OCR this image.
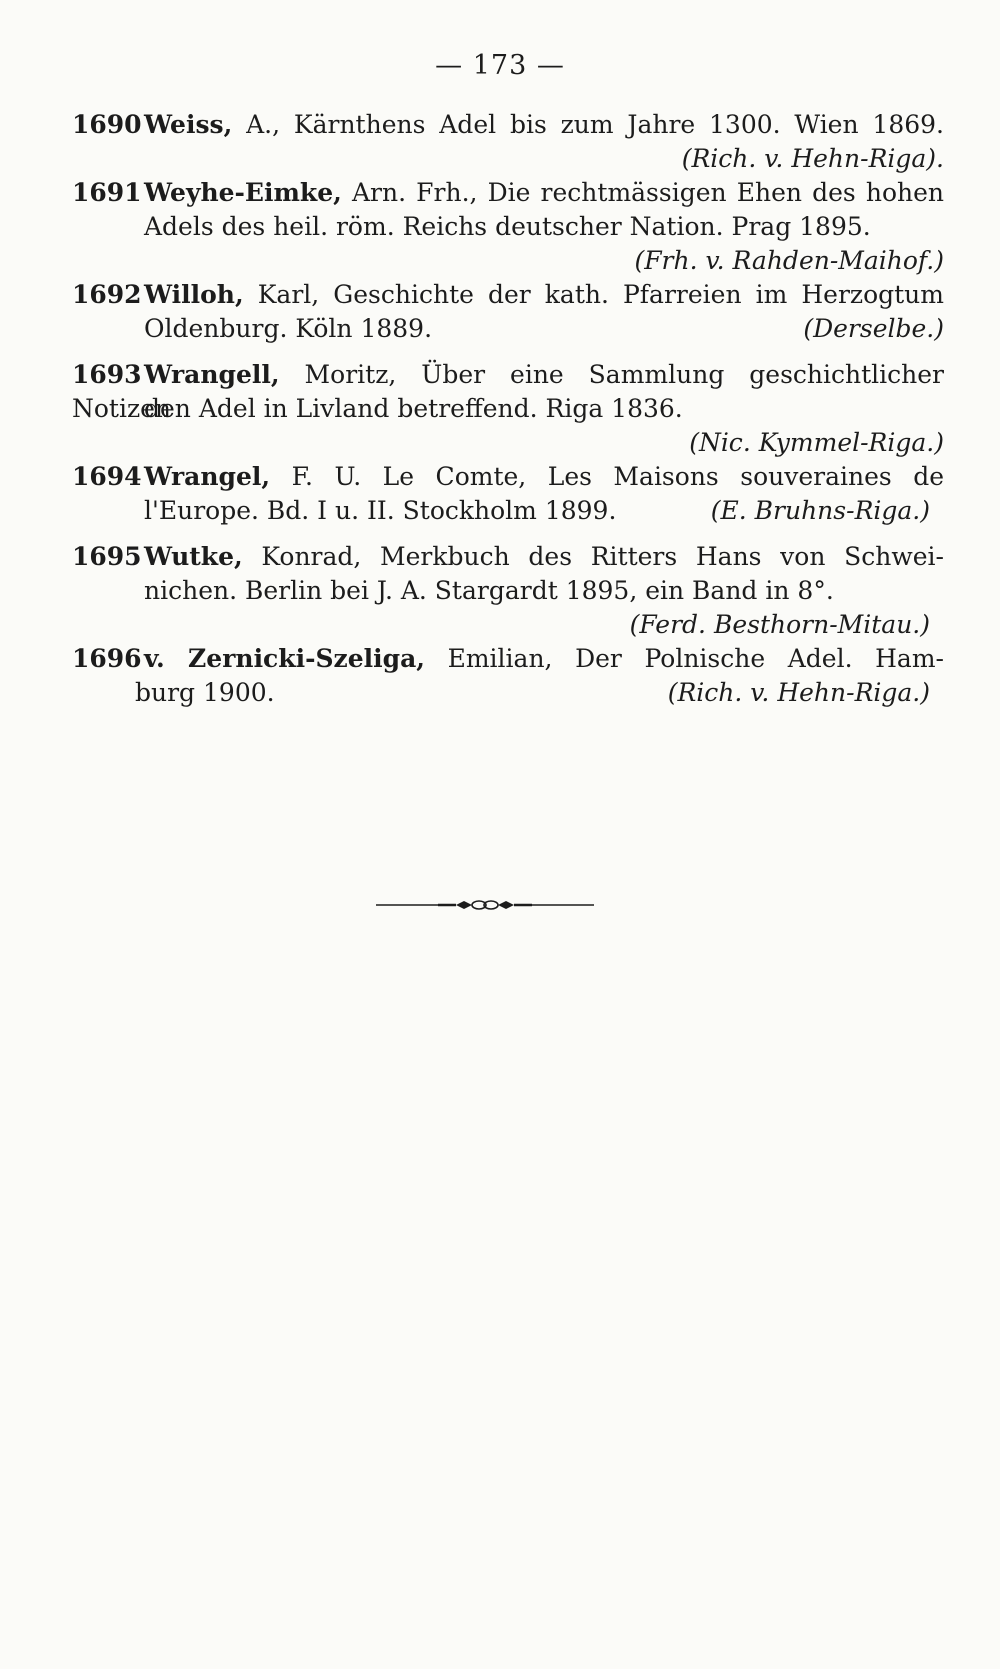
— 173 —
1690Weiss, A., Kärnthens Adel bis zum Jahre 1300. Wien 1869.
(Rich. v. Hehn-Riga).
1691Weyhe-Eimke, Arn. Frh., Die rechtmässigen Ehen des hohen
Adels des heil. röm. Reichs deutscher Nation. Prag 1895.
(Frh. v. Rahden-Maihof.)
1692Willoh, Karl, Geschichte der kath. Pfarreien im Herzogtum
Oldenburg. Köln 1889.	(Derselbe.)
1693Wrangell, Moritz, Über eine Sammlung geschichtlicher Notizen
den Adel in Livland betreffend. Riga 1836.
(Nic. Kymmel-Riga.)
1694Wrangel, F. U. Le Comte, Les Maisons souveraines de
l'Europe. Bd. I u. II. Stockholm 1899.	(E. Bruhns-Riga.)
1695Wutke, Konrad, Merkbuch des Ritters Hans von Schwei-
nichen. Berlin bei J. A. Stargardt 1895, ein Band in 8°.
(Ferd. Besthorn-Mitau.)
1696v. Zernicki-Szeliga, Emilian, Der Polnische Adel. Ham-
burg 1900.	(Rich. v. Hehn-Riga.)
